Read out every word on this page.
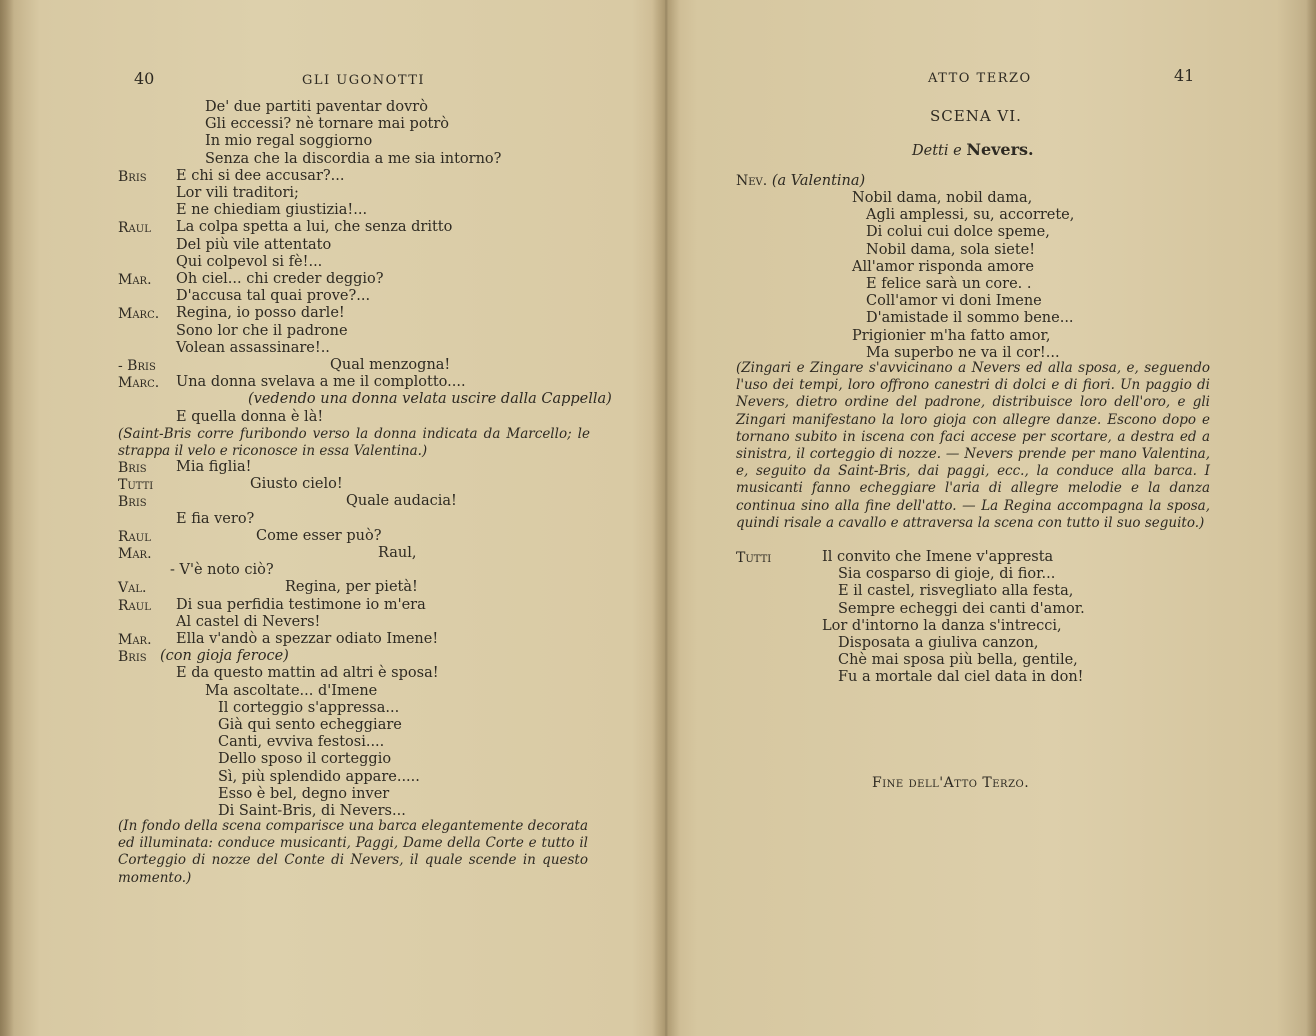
40	GLI UGONOTTI
De' due partiti paventar dovrò
Gli eccessi? nè tornare mai potrò
In mio regal soggiorno
Senza che la discordia a me sia intorno?
Bris E chi si dee accusar?...
Lor vili traditori;
E ne chiediam giustizia!...
Raul La colpa spetta a lui, che senza dritto
Del più vile attentato
Qui colpevol si fè!...
Mar. Oh ciel... chi creder deggio?
D'accusa tal quai prove?...
Marc. Regina, io posso darle!
Sono lor che il padrone
Volean assassinare!..
- Bris	Qual menzogna!
Marc. Una donna svelava a me il complotto....
(vedendo una donna velata uscire dalla Cappella)
E quella donna è là!
(Saint-Bris corre furibondo verso la donna indicata da Marcello; le strappa il velo e riconosce in essa Valentina.)
Bris Mia figlia!
Tutti	Giusto cielo!
Bris	Quale audacia!
E fia vero?
Raul	Come esser può?
Mar.	Raul,
- V'è noto ciò?
Val.	Regina, per pietà!
Raul Di sua perfidia testimone io m'era
Al castel di Nevers!
Mar. Ella v'andò a spezzar odiato Imene!
Bris (con gioja feroce)
E da questo mattin ad altri è sposa!
Ma ascoltate... d'Imene
Il corteggio s'appressa...
Già qui sento echeggiare
Canti, evviva festosi....
Dello sposo il corteggio
Sì, più splendido appare.....
Esso è bel, degno inver
Di Saint-Bris, di Nevers...
(In fondo della scena comparisce una barca elegantemente decorata ed illuminata: conduce musicanti, Paggi, Dame della Corte e tutto il Corteggio di nozze del Conte di Nevers, il quale scende in questo momento.)
ATTO TERZO	41
SCENA VI.
Detti e Nevers.
Nev. (a Valentina)
Nobil dama, nobil dama,
Agli amplessi, su, accorrete,
Di colui cui dolce speme,
Nobil dama, sola siete!
All'amor risponda amore
E felice sarà un core. .
Coll'amor vi doni Imene
D'amistade il sommo bene...
Prigionier m'ha fatto amor,
Ma superbo ne va il cor!...
(Zingari e Zingare s'avvicinano a Nevers ed alla sposa, e, seguendo l'uso dei tempi, loro offrono canestri di dolci e di fiori. Un paggio di Nevers, dietro ordine del padrone, distribuisce loro dell'oro, e gli Zingari manifestano la loro gioja con allegre danze. Escono dopo e tornano subito in iscena con faci accese per scortare, a destra ed a sinistra, il corteggio di nozze. — Nevers prende per mano Valentina, e, seguito da Saint-Bris, dai paggi, ecc., la conduce alla barca. I musicanti fanno echeggiare l'aria di allegre melodie e la danza continua sino alla fine dell'atto. — La Regina accompagna la sposa, quindi risale a cavallo e attraversa la scena con tutto il suo seguito.)
Tutti	Il convito che Imene v'appresta
Sia cosparso di gioje, di fior...
E il castel, risvegliato alla festa,
Sempre echeggi dei canti d'amor.
Lor d'intorno la danza s'intrecci,
Disposata a giuliva canzon,
Chè mai sposa più bella, gentile,
Fu a mortale dal ciel data in don!
Fine dell'Atto Terzo.
